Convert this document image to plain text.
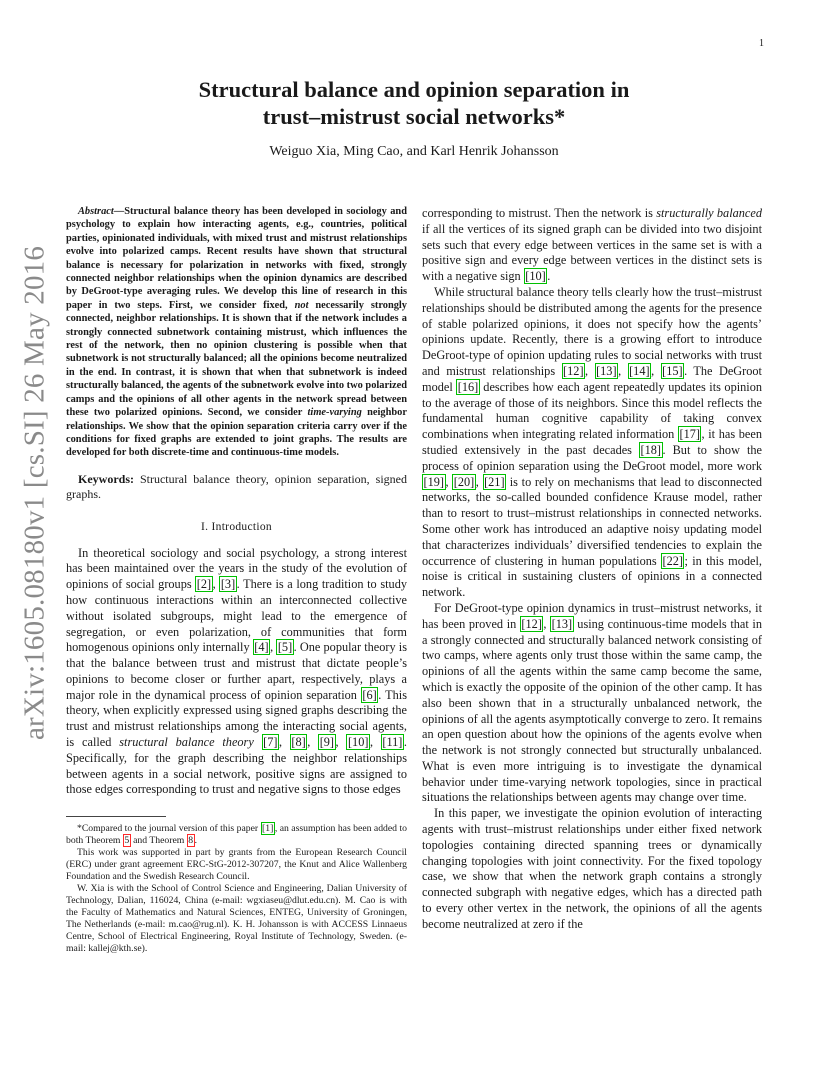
1
arXiv:1605.08180v1 [cs.SI] 26 May 2016
Structural balance and opinion separation in
trust–mistrust social networks*
Weiguo Xia, Ming Cao, and Karl Henrik Johansson

Abstract—Structural balance theory has been developed in sociology and psychology to explain how interacting agents, e.g., countries, political parties, opinionated individuals, with mixed trust and mistrust relationships evolve into polarized camps. Recent results have shown that structural balance is necessary for polarization in networks with fixed, strongly connected neighbor relationships when the opinion dynamics are described by DeGroot-type averaging rules. We develop this line of research in this paper in two steps. First, we consider fixed, not necessarily strongly connected, neighbor relationships. It is shown that if the network includes a strongly connected subnetwork containing mistrust, which influences the rest of the network, then no opinion clustering is possible when that subnetwork is not structurally balanced; all the opinions become neutralized in the end. In contrast, it is shown that when that subnetwork is indeed structurally balanced, the agents of the subnetwork evolve into two polarized camps and the opinions of all other agents in the network spread between these two polarized opinions. Second, we consider time-varying neighbor relationships. We show that the opinion separation criteria carry over if the conditions for fixed graphs are extended to joint graphs. The results are developed for both discrete-time and continuous-time models.

Keywords: Structural balance theory, opinion separation, signed graphs.

I. Introduction

In theoretical sociology and social psychology, a strong interest has been maintained over the years in the study of the evolution of opinions of social groups [2] , [3] . There is a long tradition to study how continuous interactions within an interconnected collective without isolated subgroups, might lead to the emergence of segregation, or even polarization, of communities that form homogenous opinions only internally [4] , [5] . One popular theory is that the balance between trust and mistrust that dictate people’s opinions to become closer or further apart, respectively, plays a major role in the dynamical process of opinion separation [6] . This theory, when explicitly expressed using signed graphs describing the trust and mistrust relationships among the interacting social agents, is called structural balance theory [7] , [8] , [9] , [10] , [11] . Specifically, for the graph describing the neighbor relationships between agents in a social network, positive signs are assigned to those edges corresponding to trust and negative signs to those edges

*Compared to the journal version of this paper [1] , an assumption has been added to both Theorem 5 and Theorem 8 .

This work was supported in part by grants from the European Research Council (ERC) under grant agreement ERC-StG-2012-307207, the Knut and Alice Wallenberg Foundation and the Swedish Research Council.

W. Xia is with the School of Control Science and Engineering, Dalian University of Technology, Dalian, 116024, China (e-mail: wgxiaseu@dlut.edu.cn). M. Cao is with the Faculty of Mathematics and Natural Sciences, ENTEG, University of Groningen, The Netherlands (e-mail: m.cao@rug.nl). K. H. Johansson is with ACCESS Linnaeus Centre, School of Electrical Engineering, Royal Institute of Technology, Sweden. (e-mail: kallej@kth.se).

corresponding to mistrust. Then the network is structurally balanced if all the vertices of its signed graph can be divided into two disjoint sets such that every edge between vertices in the same set is with a positive sign and every edge between vertices in the distinct sets is with a negative sign [10] .

While structural balance theory tells clearly how the trust–mistrust relationships should be distributed among the agents for the presence of stable polarized opinions, it does not specify how the agents’ opinions update. Recently, there is a growing effort to introduce DeGroot-type of opinion updating rules to social networks with trust and mistrust relationships [12] , [13] , [14] , [15] . The DeGroot model [16] describes how each agent repeatedly updates its opinion to the average of those of its neighbors. Since this model reflects the fundamental human cognitive capability of taking convex combinations when integrating related information [17] , it has been studied extensively in the past decades [18] . But to show the process of opinion separation using the DeGroot model, more work [19] , [20] , [21] is to rely on mechanisms that lead to disconnected networks, the so-called bounded confidence Krause model, rather than to resort to trust–mistrust relationships in connected networks. Some other work has introduced an adaptive noisy updating model that characterizes individuals’ diversified tendencies to explain the occurrence of clustering in human populations [22] ; in this model, noise is critical in sustaining clusters of opinions in a connected network.

For DeGroot-type opinion dynamics in trust–mistrust networks, it has been proved in [12] , [13] using continuous-time models that in a strongly connected and structurally balanced network consisting of two camps, where agents only trust those within the same camp, the opinions of all the agents within the same camp become the same, which is exactly the opposite of the opinion of the other camp. It has also been shown that in a structurally unbalanced network, the opinions of all the agents asymptotically converge to zero. It remains an open question about how the opinions of the agents evolve when the network is not strongly connected but structurally unbalanced. What is even more intriguing is to investigate the dynamical behavior under time-varying network topologies, since in practical situations the relationships between agents may change over time.

In this paper, we investigate the opinion evolution of interacting agents with trust–mistrust relationships under either fixed network topologies containing directed spanning trees or dynamically changing topologies with joint connectivity. For the fixed topology case, we show that when the network graph contains a strongly connected subgraph with negative edges, which has a directed path to every other vertex in the network, the opinions of all the agents become neutralized at zero if the
